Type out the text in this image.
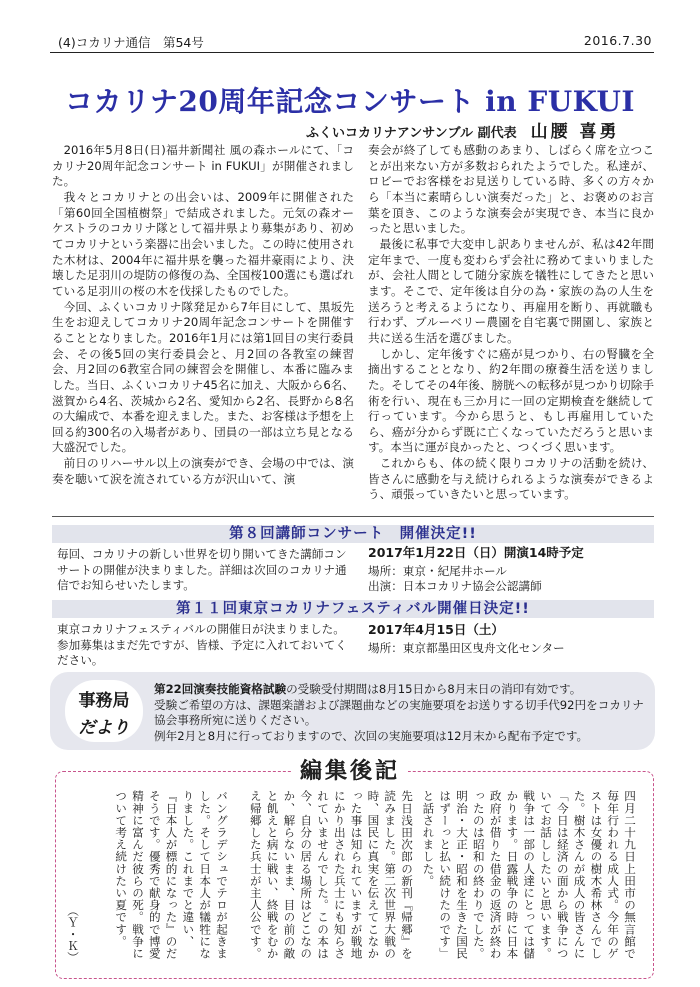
(4)コカリナ通信　第54号	2016.7.30
コカリナ20周年記念コンサート in FUKUI
ふくいコカリナアンサンブル 副代表 山腰 喜勇

2016年5月8日(日)福井新聞社 風の森ホールにて、「コカリナ20周年記念コンサート in FUKUI」が開催されました。

我々とコカリナとの出会いは、2009年に開催された「第60回全国植樹祭」で結成されました。元気の森オーケストラのコカリナ隊として福井県より募集があり、初めてコカリナという楽器に出会いました。この時に使用された木材は、2004年に福井県を襲った福井豪雨により、決壊した足羽川の堤防の修復の為、全国桜100選にも選ばれている足羽川の桜の木を伐採したものでした。

今回、ふくいコカリナ隊発足から7年目にして、黒坂先生をお迎えしてコカリナ20周年記念コンサートを開催することとなりました。2016年1月には第1回目の実行委員会、その後5回の実行委員会と、月2回の各教室の練習会、月2回の6教室合同の練習会を開催し、本番に臨みました。当日、ふくいコカリナ45名に加え、大阪から6名、滋賀から4名、茨城から2名、愛知から2名、長野から8名の大編成で、本番を迎えました。また、お客様は予想を上回る約300名の入場者があり、団員の一部は立ち見となる大盛況でした。

前日のリハーサル以上の演奏ができ、会場の中では、演奏を聴いて涙を流されている方が沢山いて、演

奏会が終了しても感動のあまり、しばらく席を立つことが出来ない方が多数おられたようでした。私達が、ロビーでお客様をお見送りしている時、多くの方々から「本当に素晴らしい演奏だった」と、お褒めのお言葉を頂き、このような演奏会が実現でき、本当に良かったと思いました。

最後に私事で大変申し訳ありませんが、私は42年間定年まで、一度も変わらず会社に務めてまいりましたが、会社人間として随分家族を犠牲にしてきたと思います。そこで、定年後は自分の為・家族の為の人生を送ろうと考えるようになり、再雇用を断り、再就職も行わず、ブルーベリー農園を自宅裏で開園し、家族と共に送る生活を選びました。

しかし、定年後すぐに癌が見つかり、右の腎臓を全摘出することとなり、約2年間の療養生活を送りました。そしてその4年後、膀胱への転移が見つかり切除手術を行い、現在も三か月に一回の定期検査を継続して行っています。今から思うと、もし再雇用していたら、癌が分からず既に亡くなっていただろうと思います。本当に運が良かったと、つくづく思います。

これからも、体の続く限りコカリナの活動を続け、皆さんに感動を与え続けられるような演奏ができるよう、頑張っていきたいと思っています。

第８回講師コンサート　開催決定!!
毎回、コカリナの新しい世界を切り開いてきた講師コンサートの開催が決まりました。詳細は次回のコカリナ通信でお知らせいたします。
2017年1月22日（日）開演14時予定
場所：東京・紀尾井ホール
出演：日本コカリナ協会公認講師
第１１回東京コカリナフェスティバル開催日決定!!
東京コカリナフェスティバルの開催日が決まりました。参加募集はまだ先ですが、皆様、予定に入れておいてください。
2017年4月15日（土）
場所：東京都墨田区曳舟文化センター
事務局
だより
第22回演奏技能資格試験の受験受付期間は8月15日から8月末日の消印有効です。
受験ご希望の方は、課題楽譜および課題曲などの実施要項をお送りする切手代92円をコカリナ協会事務所宛に送りください。
例年2月と8月に行っておりますので、次回の実施要項は12月末から配布予定です。
編集後記
四月二十九日上田市の無言館で毎年行われる成人式。今年のゲストは女優の樹木希林さんでした。樹木さんが成人の皆さんに「今日は経済の面から戦争についてお話ししたいと思います。戦争は一部の人達にとっては儲かります。日露戦争の時に日本政府が借りた借金の返済が終わったのは昭和の終わりでした。明治・大正・昭和を生きた国民はずーっと払い続けたのです」と話されました。
先日浅田次郎の新刊『帰郷』を読みました。第二次世界大戦の時、国民に真実を伝えてこなかった事は知られていますが戦地にかり出された兵士にも知らされていませんでした。この本は今、自分の居る場所はどこなのか、解らないまま、目の前の敵と飢えと病に戦い、終戦をむかえ帰郷した兵士が主人公です。
バングラデシュでテロが起きました。そして日本人が犠牲になりました。これまでと違い、『日本人が標的になった』のだそうです。優秀で献身的で博愛精神に富んだ彼らの死。戦争について考え続けたい夏です。
（Ｙ・Ｋ）
